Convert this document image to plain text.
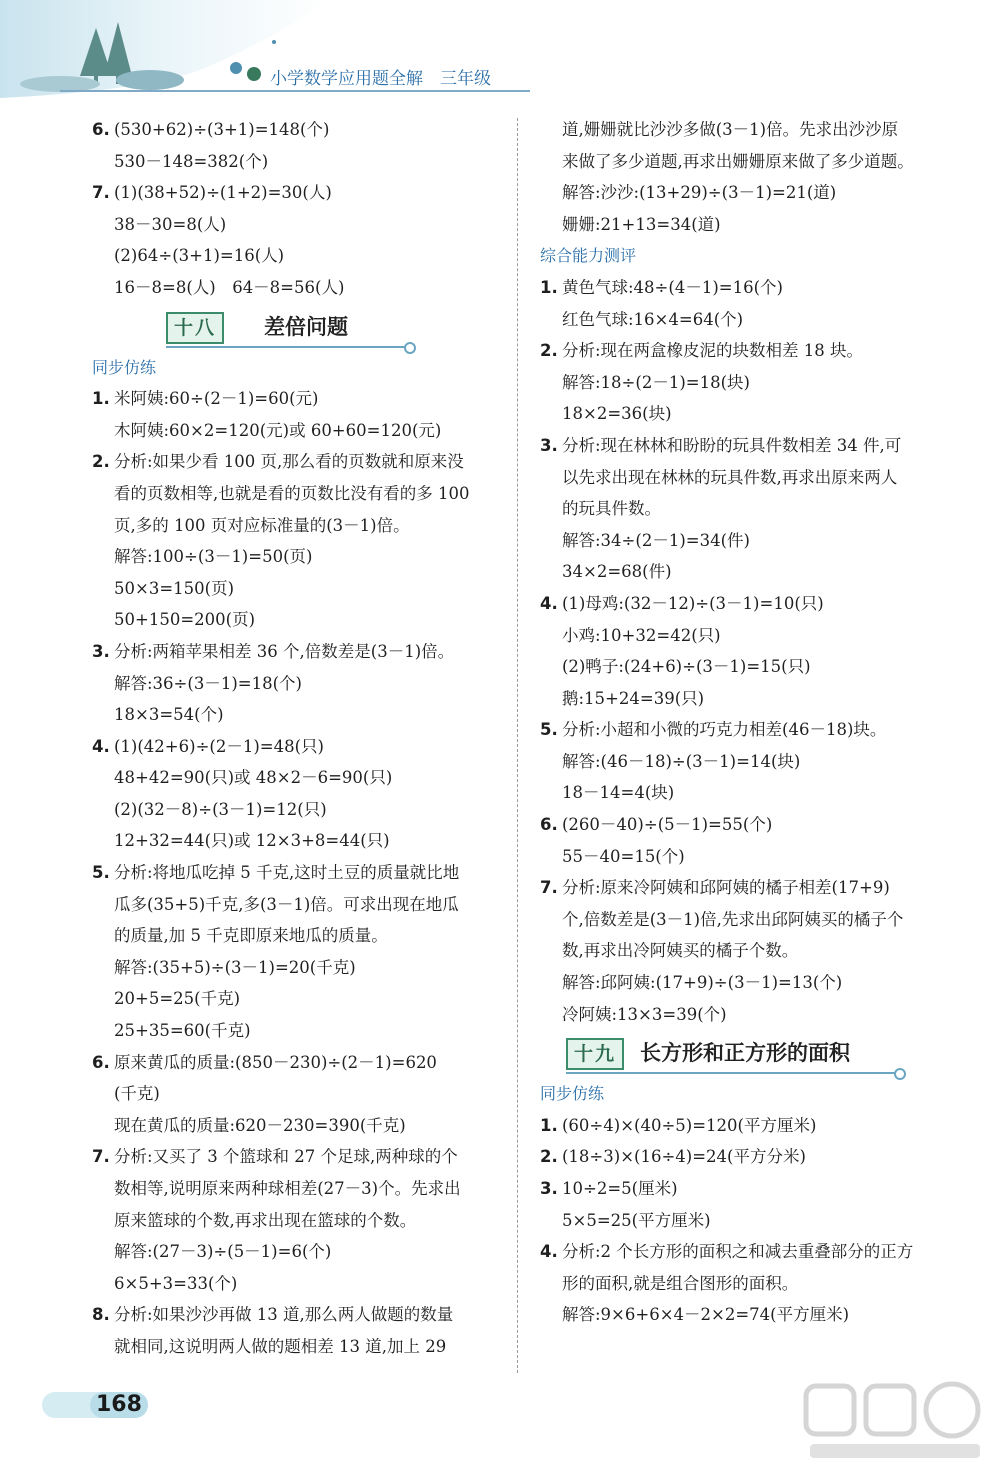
小学数学应用题全解　三年级
6. (530+62)÷(3+1)=148(个)
530－148=382(个)
7. (1)(38+52)÷(1+2)=30(人)
38－30=8(人)
(2)64÷(3+1)=16(人)
16－8=8(人)　64－8=56(人)
十八	差倍问题
同步仿练
1. 米阿姨:60÷(2－1)=60(元)
木阿姨:60×2=120(元)或 60+60=120(元)
2. 分析:如果少看 100 页,那么看的页数就和原来没
看的页数相等,也就是看的页数比没有看的多 100
页,多的 100 页对应标准量的(3－1)倍。
解答:100÷(3－1)=50(页)
50×3=150(页)
50+150=200(页)
3. 分析:两箱苹果相差 36 个,倍数差是(3－1)倍。
解答:36÷(3－1)=18(个)
18×3=54(个)
4. (1)(42+6)÷(2－1)=48(只)
48+42=90(只)或 48×2－6=90(只)
(2)(32－8)÷(3－1)=12(只)
12+32=44(只)或 12×3+8=44(只)
5. 分析:将地瓜吃掉 5 千克,这时土豆的质量就比地
瓜多(35+5)千克,多(3－1)倍。可求出现在地瓜
的质量,加 5 千克即原来地瓜的质量。
解答:(35+5)÷(3－1)=20(千克)
20+5=25(千克)
25+35=60(千克)
6. 原来黄瓜的质量:(850－230)÷(2－1)=620
(千克)
现在黄瓜的质量:620－230=390(千克)
7. 分析:又买了 3 个篮球和 27 个足球,两种球的个
数相等,说明原来两种球相差(27－3)个。先求出
原来篮球的个数,再求出现在篮球的个数。
解答:(27－3)÷(5－1)=6(个)
6×5+3=33(个)
8. 分析:如果沙沙再做 13 道,那么两人做题的数量
就相同,这说明两人做的题相差 13 道,加上 29
道,姗姗就比沙沙多做(3－1)倍。先求出沙沙原
来做了多少道题,再求出姗姗原来做了多少道题。
解答:沙沙:(13+29)÷(3－1)=21(道)
姗姗:21+13=34(道)
综合能力测评
1. 黄色气球:48÷(4－1)=16(个)
红色气球:16×4=64(个)
2. 分析:现在两盒橡皮泥的块数相差 18 块。
解答:18÷(2－1)=18(块)
18×2=36(块)
3. 分析:现在林林和盼盼的玩具件数相差 34 件,可
以先求出现在林林的玩具件数,再求出原来两人
的玩具件数。
解答:34÷(2－1)=34(件)
34×2=68(件)
4. (1)母鸡:(32－12)÷(3－1)=10(只)
小鸡:10+32=42(只)
(2)鸭子:(24+6)÷(3－1)=15(只)
鹅:15+24=39(只)
5. 分析:小超和小微的巧克力相差(46－18)块。
解答:(46－18)÷(3－1)=14(块)
18－14=4(块)
6. (260－40)÷(5－1)=55(个)
55－40=15(个)
7. 分析:原来冷阿姨和邱阿姨的橘子相差(17+9)
个,倍数差是(3－1)倍,先求出邱阿姨买的橘子个
数,再求出冷阿姨买的橘子个数。
解答:邱阿姨:(17+9)÷(3－1)=13(个)
冷阿姨:13×3=39(个)
十九	长方形和正方形的面积
同步仿练
1. (60÷4)×(40÷5)=120(平方厘米)
2. (18÷3)×(16÷4)=24(平方分米)
3. 10÷2=5(厘米)
5×5=25(平方厘米)
4. 分析:2 个长方形的面积之和减去重叠部分的正方
形的面积,就是组合图形的面积。
解答:9×6+6×4－2×2=74(平方厘米)
168
